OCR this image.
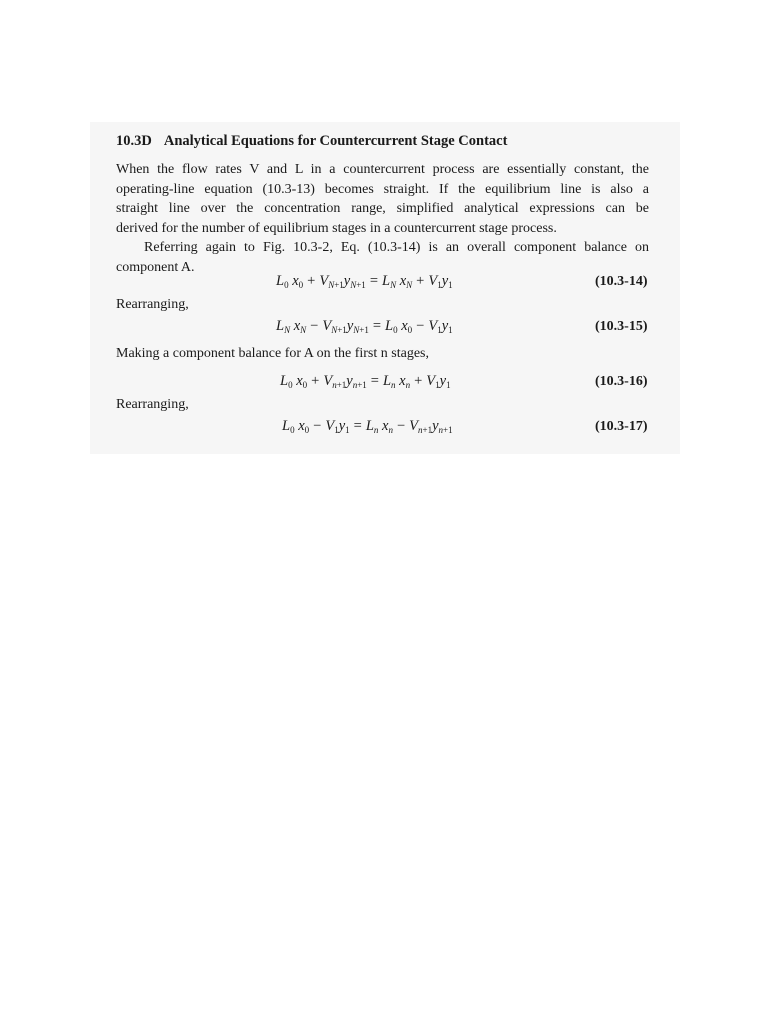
10.3D Analytical Equations for Countercurrent Stage Contact
When the flow rates V and L in a countercurrent process are essentially constant, the
operating-line equation (10.3-13) becomes straight. If the equilibrium line is also a
straight line over the concentration range, simplified analytical expressions can be
derived for the number of equilibrium stages in a countercurrent stage process.
Referring again to Fig. 10.3-2, Eq. (10.3-14) is an overall component balance on
component A.
$L_0$ $x_0 + V_{N+1}y_{N+1} = L_N$ $x_N + V_1y_1$	(10.3-14)
Rearranging,
$L_N$ $x_N - V_{N+1}y_{N+1} = L_0$ $x_0 - V_1y_1$	(10.3-15)
Making a component balance for A on the first n stages,
$L_0$ $x_0 + V_{n+1}y_{n+1} = L_n$ $x_n + V_1y_1$	(10.3-16)
Rearranging,
$L_0$ $x_0 - V_1y_1 = L_n$ $x_n - V_{n+1}y_{n+1}$	(10.3-17)
